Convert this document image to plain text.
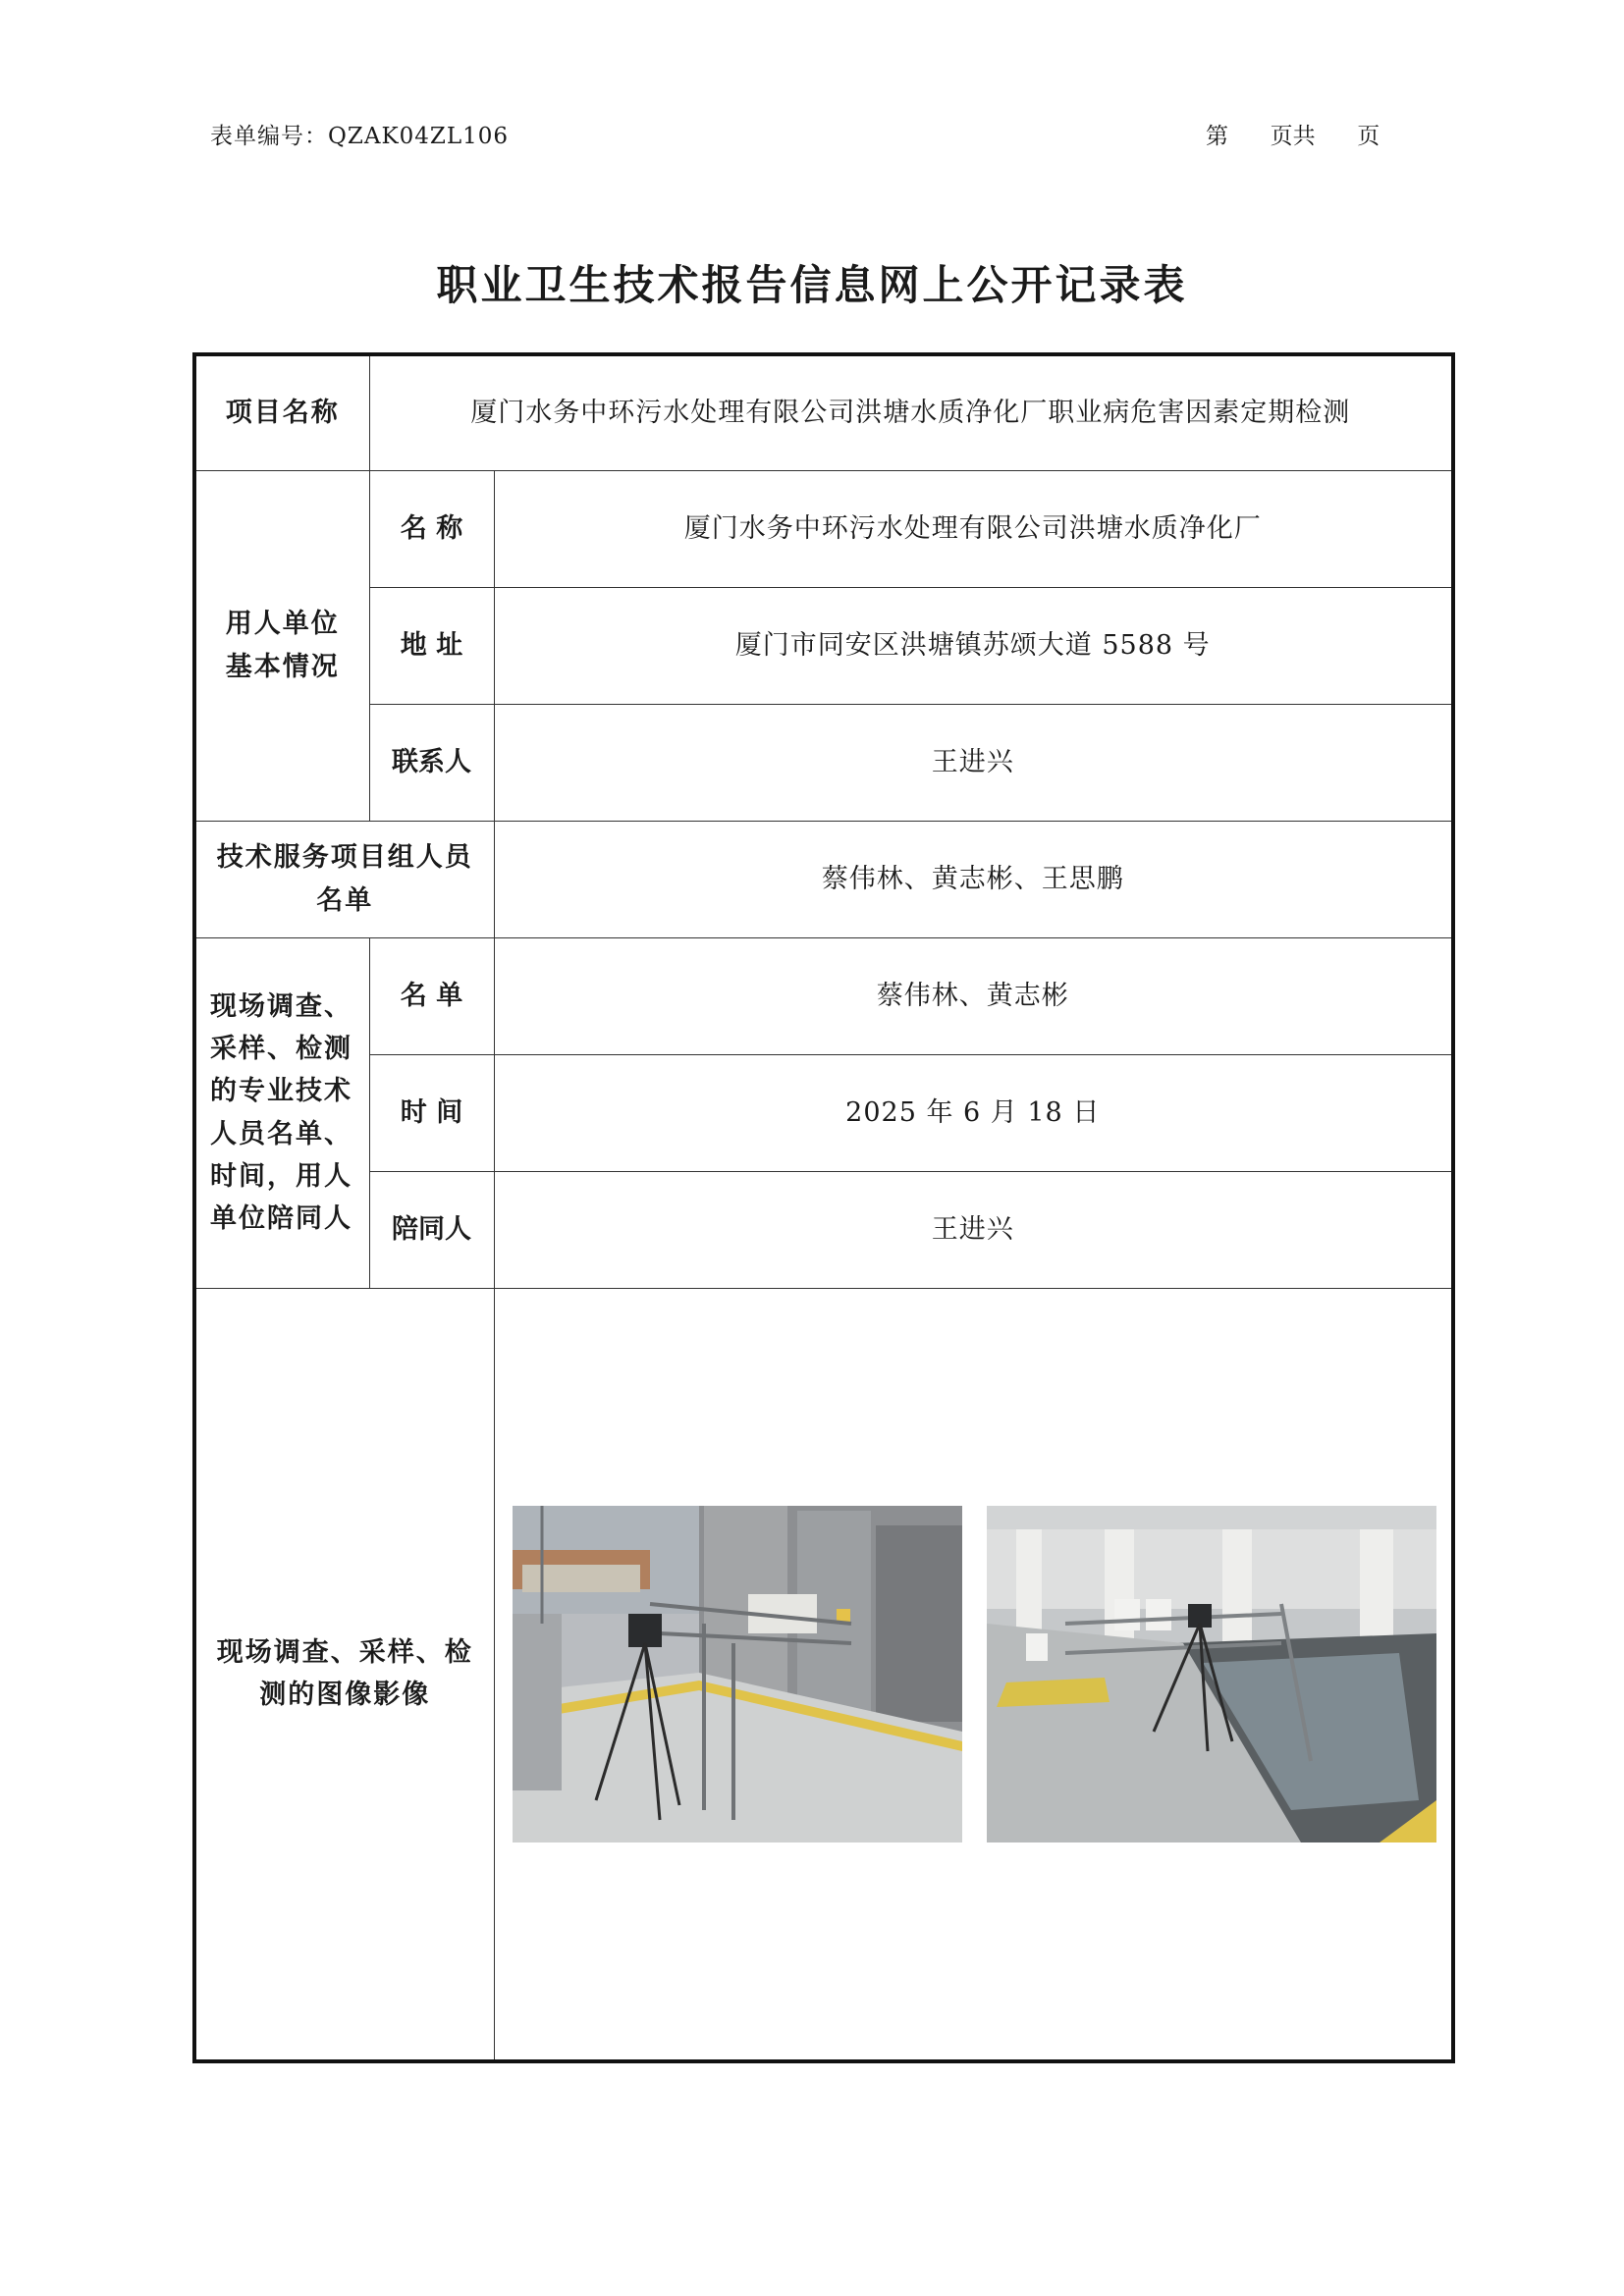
表单编号：QZAK04ZL106	第  页共  页
职业卫生技术报告信息网上公开记录表
项目名称	厦门水务中环污水处理有限公司洪塘水质净化厂职业病危害因素定期检测	
用人单位基本情况	名 称	厦门水务中环污水处理有限公司洪塘水质净化厂
	地 址	厦门市同安区洪塘镇苏颂大道 5588 号
	联系人	王进兴
技术服务项目组人员名单		蔡伟林、黄志彬、王思鹏
现场调查、采样、检测的专业技术人员名单、时间，用人单位陪同人	名 单	蔡伟林、黄志彬
	时 间	2025 年 6 月 18 日
	陪同人	王进兴
现场调查、采样、检测的图像影像	
